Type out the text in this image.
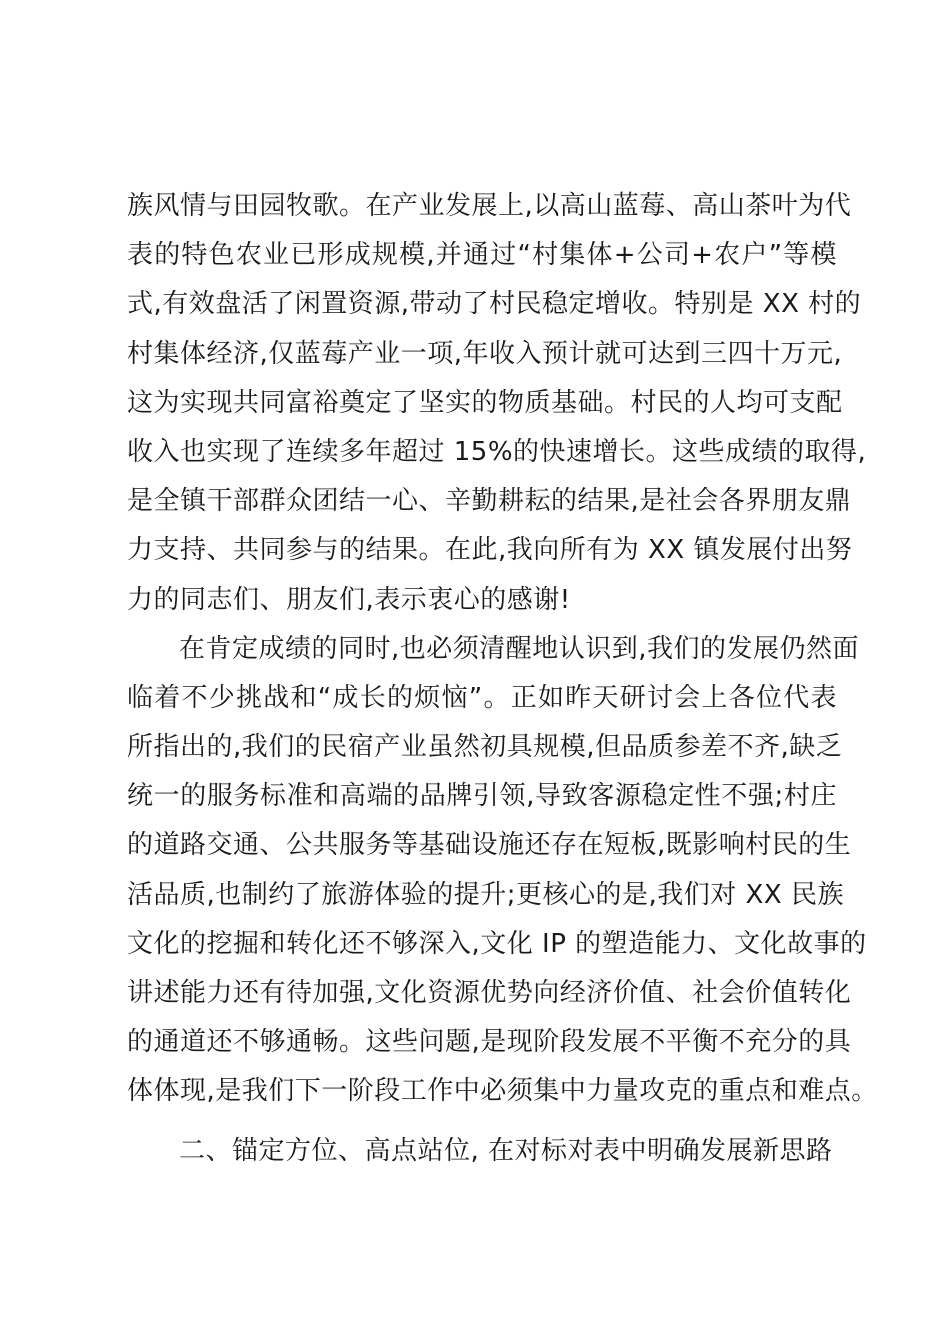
族风情与田园牧歌。在产业发展上,以高山蓝莓、高山茶叶为代
表的特色农业已形成规模,并通过“村集体+公司+农户”等模
式,有效盘活了闲置资源,带动了村民稳定增收。特别是 XX 村的
村集体经济,仅蓝莓产业一项,年收入预计就可达到三四十万元,
这为实现共同富裕奠定了坚实的物质基础。村民的人均可支配
收入也实现了连续多年超过 15%的快速增长。这些成绩的取得,
是全镇干部群众团结一心、辛勤耕耘的结果,是社会各界朋友鼎
力支持、共同参与的结果。在此,我向所有为 XX 镇发展付出努
力的同志们、朋友们,表示衷心的感谢!
在肯定成绩的同时,也必须清醒地认识到,我们的发展仍然面
临着不少挑战和“成长的烦恼”。正如昨天研讨会上各位代表
所指出的,我们的民宿产业虽然初具规模,但品质参差不齐,缺乏
统一的服务标准和高端的品牌引领,导致客源稳定性不强;村庄
的道路交通、公共服务等基础设施还存在短板,既影响村民的生
活品质,也制约了旅游体验的提升;更核心的是,我们对 XX 民族
文化的挖掘和转化还不够深入,文化 IP 的塑造能力、文化故事的
讲述能力还有待加强,文化资源优势向经济价值、社会价值转化
的通道还不够通畅。这些问题,是现阶段发展不平衡不充分的具
体体现,是我们下一阶段工作中必须集中力量攻克的重点和难点。
二、锚定方位、高点站位, 在对标对表中明确发展新思路
